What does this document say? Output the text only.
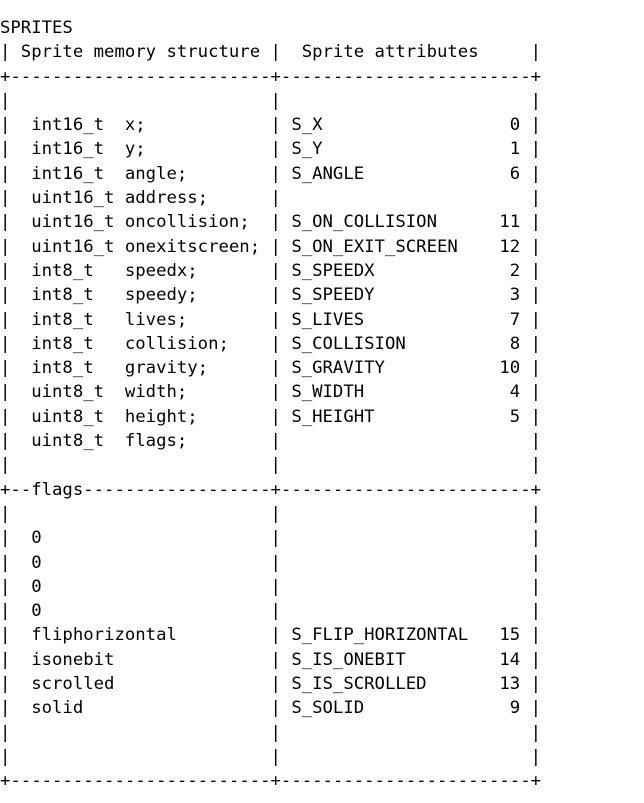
SPRITES
| Sprite memory structure |  Sprite attributes     |
+-------------------------+------------------------+
|                         |                        |
|  int16_t  x;            | S_X                  0 |
|  int16_t  y;            | S_Y                  1 |
|  int16_t  angle;        | S_ANGLE              6 |
|  uint16_t address;      |                        |
|  uint16_t oncollision;  | S_ON_COLLISION      11 |
|  uint16_t onexitscreen; | S_ON_EXIT_SCREEN    12 |
|  int8_t   speedx;       | S_SPEEDX             2 |
|  int8_t   speedy;       | S_SPEEDY             3 |
|  int8_t   lives;        | S_LIVES              7 |
|  int8_t   collision;    | S_COLLISION          8 |
|  int8_t   gravity;      | S_GRAVITY           10 |
|  uint8_t  width;        | S_WIDTH              4 |
|  uint8_t  height;       | S_HEIGHT             5 |
|  uint8_t  flags;        |                        |
|                         |                        |
+--flags------------------+------------------------+
|                         |                        |
|  0                      |                        |
|  0                      |                        |
|  0                      |                        |
|  0                      |                        |
|  fliphorizontal         | S_FLIP_HORIZONTAL   15 |
|  isonebit               | S_IS_ONEBIT         14 |
|  scrolled               | S_IS_SCROLLED       13 |
|  solid                  | S_SOLID              9 |
|                         |                        |
|                         |                        |
+-------------------------+------------------------+
